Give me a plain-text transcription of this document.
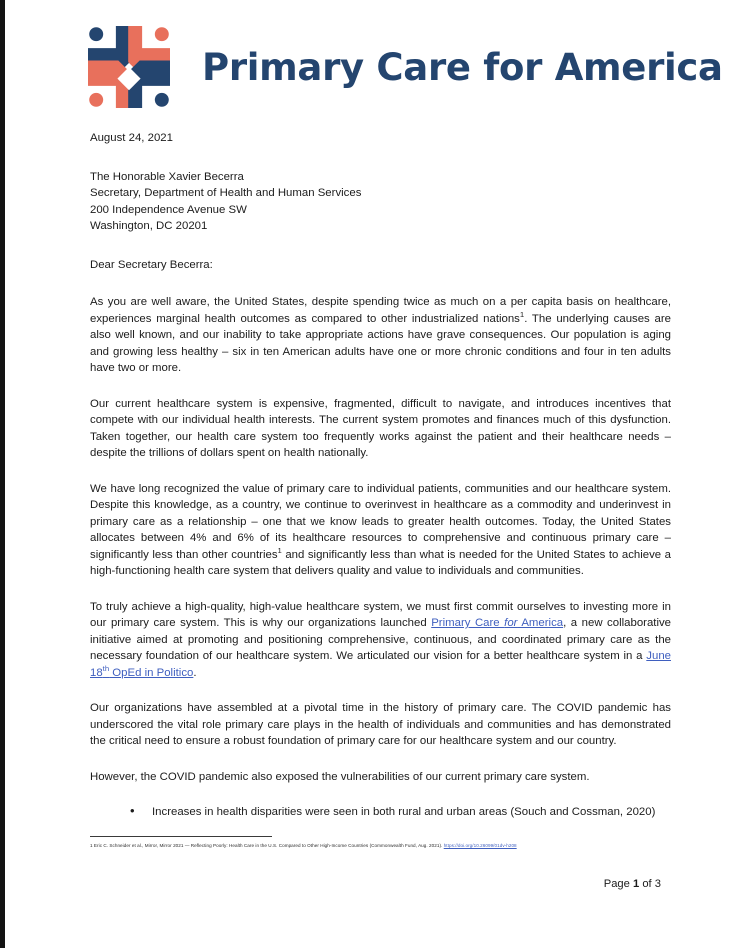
Primary Care for America
August 24, 2021
The Honorable Xavier Becerra
Secretary, Department of Health and Human Services
200 Independence Avenue SW
Washington, DC 20201
Dear Secretary Becerra:

As you are well aware, the United States, despite spending twice as much on a per capita basis on healthcare, experiences marginal health outcomes as compared to other industrialized nations$^1$. The underlying causes are also well known, and our inability to take appropriate actions have grave consequences. Our population is aging and growing less healthy – six in ten American adults have one or more chronic conditions and four in ten adults have two or more.

Our current healthcare system is expensive, fragmented, difficult to navigate, and introduces incentives that compete with our individual health interests. The current system promotes and finances much of this dysfunction. Taken together, our health care system too frequently works against the patient and their healthcare needs – despite the trillions of dollars spent on health nationally.

We have long recognized the value of primary care to individual patients, communities and our healthcare system. Despite this knowledge, as a country, we continue to overinvest in healthcare as a commodity and underinvest in primary care as a relationship – one that we know leads to greater health outcomes. Today, the United States allocates between 4% and 6% of its healthcare resources to comprehensive and continuous primary care – significantly less than other countries$^1$ and significantly less than what is needed for the United States to achieve a high-functioning health care system that delivers quality and value to individuals and communities.

To truly achieve a high-quality, high-value healthcare system, we must first commit ourselves to investing more in our primary care system. This is why our organizations launched Primary Care for America, a new collaborative initiative aimed at promoting and positioning comprehensive, continuous, and coordinated primary care as the necessary foundation of our healthcare system. We articulated our vision for a better healthcare system in a June 18th OpEd in Politico.

Our organizations have assembled at a pivotal time in the history of primary care. The COVID pandemic has underscored the vital role primary care plays in the health of individuals and communities and has demonstrated the critical need to ensure a robust foundation of primary care for our healthcare system and our country.

However, the COVID pandemic also exposed the vulnerabilities of our current primary care system.

• Increases in health disparities were seen in both rural and urban areas (Souch and Cossman, 2020)
1 Eric C. Schneider et al., Mirror, Mirror 2021 — Reflecting Poorly: Health Care in the U.S. Compared to Other High-Income Countries (Commonwealth Fund, Aug. 2021). https://doi.org/10.26099/01dv-h208
Page 1 of 3
